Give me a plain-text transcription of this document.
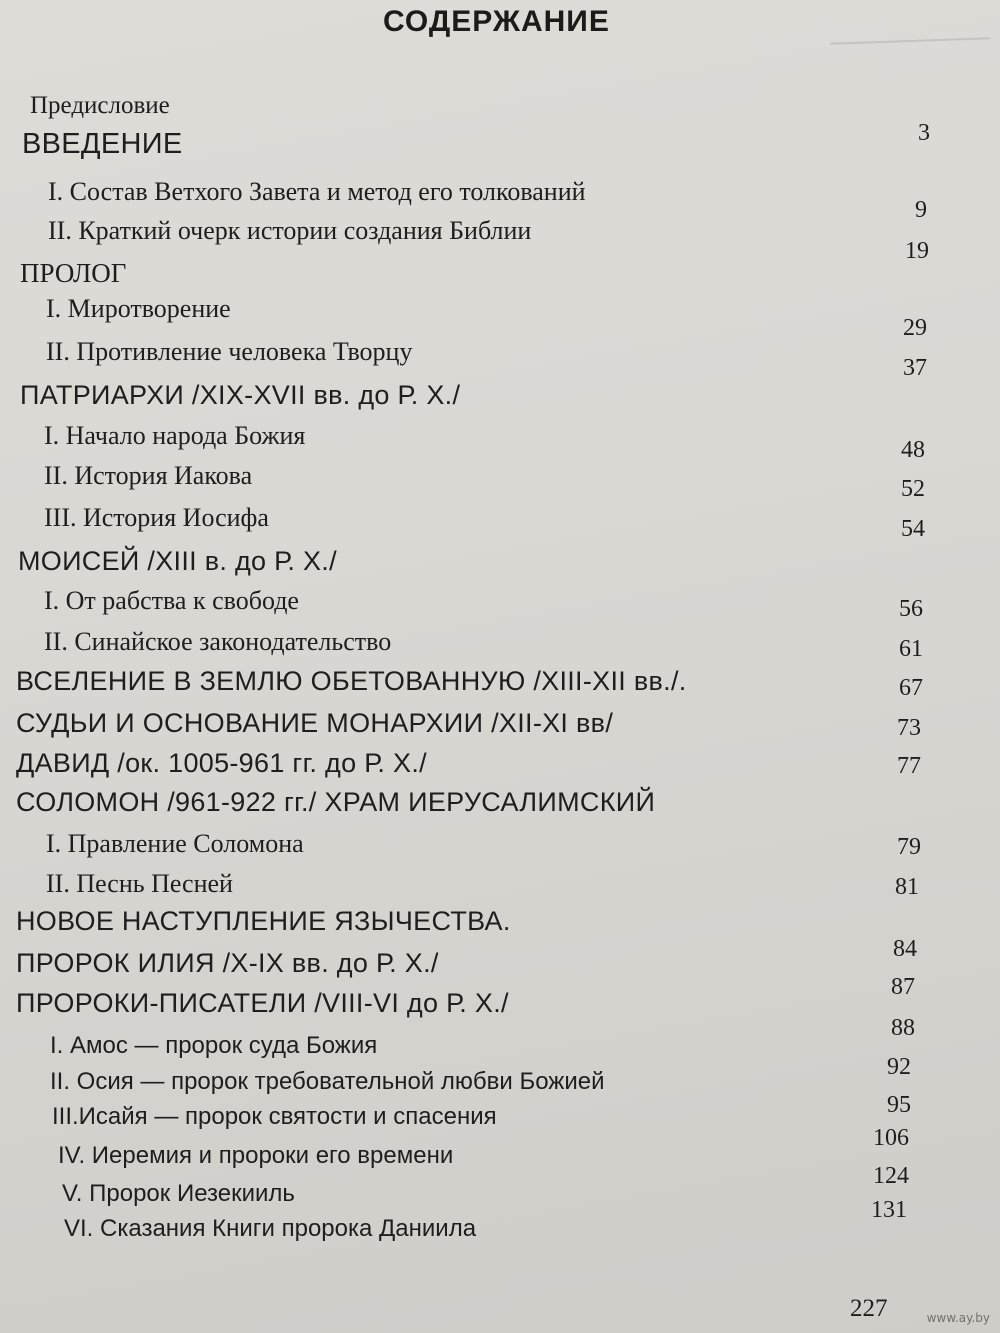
СОДЕРЖАНИЕ
Предисловие
ВВЕДЕНИЕ
I. Состав Ветхого Завета и метод его толкований
II. Краткий очерк истории создания Библии
ПРОЛОГ
I. Миротворение
II. Противление человека Творцу
ПАТРИАРХИ /XIX-XVII вв. до Р. Х./
I. Начало народа Божия
II. История Иакова
III. История Иосифа
МОИСЕЙ /XIII в. до Р. Х./
I. От рабства к свободе
II. Синайское законодательство
ВСЕЛЕНИЕ В ЗЕМЛЮ ОБЕТОВАННУЮ /XIII-XII вв./.
СУДЬИ И ОСНОВАНИЕ МОНАРХИИ /XII-XI вв/
ДАВИД /ок. 1005-961 гг. до Р. Х./
СОЛОМОН /961-922 гг./ ХРАМ ИЕРУСАЛИМСКИЙ
I. Правление Соломона
II. Песнь Песней
НОВОЕ НАСТУПЛЕНИЕ ЯЗЫЧЕСТВА.
ПРОРОК ИЛИЯ /X-IX вв. до Р. Х./
ПРОРОКИ-ПИСАТЕЛИ /VIII-VI до Р. Х./
I. Амос — пророк суда Божия
II. Осия — пророк требовательной любви Божией
III.Исайя — пророк святости и спасения
IV. Иеремия и пророки его времени
V. Пророк Иезекииль
VI. Сказания Книги пророка Даниила
3
9
19
29
37
48
52
54
56
61
67
73
77
79
81
84
87
88
92
95
106
124
131
227	www.ay.by
